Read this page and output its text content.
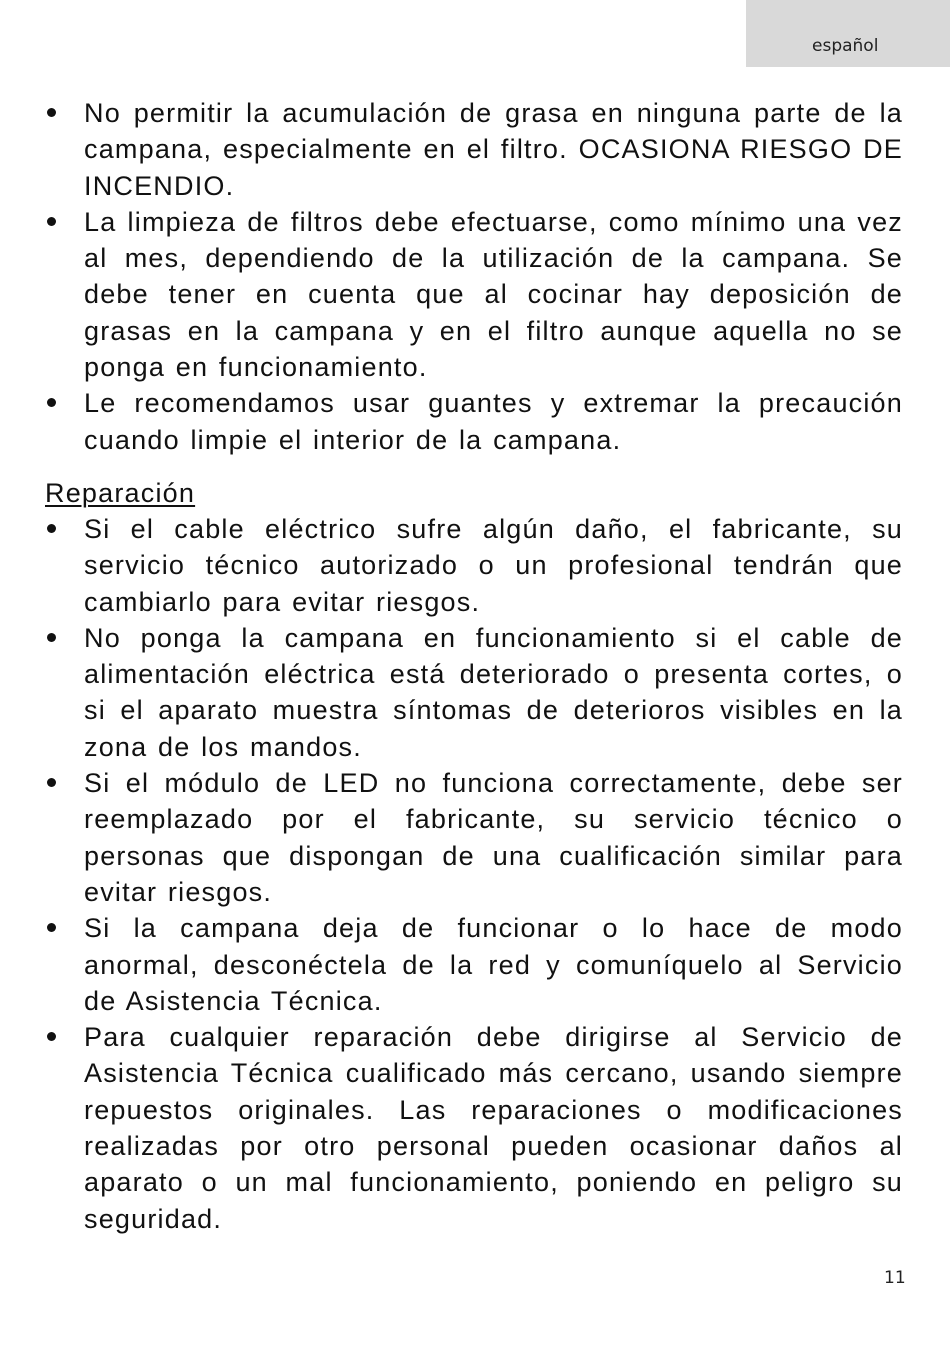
español
No permitir la acumulación de grasa en ninguna parte de la campana, especialmente en el filtro. OCASIONA RIESGO DE INCENDIO.
La limpieza de filtros debe efectuarse, como mínimo una vez al mes, dependiendo de la utilización de la campana. Se debe tener en cuenta que al cocinar hay deposición de grasas en la campana y en el filtro aunque aquella no se ponga en funcionamiento.
Le recomendamos usar guantes y extremar la precaución cuando limpie el interior de la campana.
Reparación
Si el cable eléctrico sufre algún daño, el fabricante, su servicio técnico autorizado o un profesional tendrán que cambiarlo para evitar riesgos.
No ponga la campana en funcionamiento si el cable de alimentación eléctrica está deteriorado o presenta cortes, o si el aparato muestra síntomas de deterioros visibles en la zona de los mandos.
Si el módulo de LED no funciona correctamente, debe ser reemplazado por el fabricante, su servicio técnico o personas que dispongan de una cualificación similar para evitar riesgos.
Si la campana deja de funcionar o lo hace de modo anormal, desconéctela de la red y comuníquelo al Servicio de Asistencia Técnica.
Para cualquier reparación debe dirigirse al Servicio de Asistencia Técnica cualificado más cercano, usando siempre repuestos originales. Las reparaciones o modificaciones realizadas por otro personal pueden ocasionar daños al aparato o un mal funcionamiento, poniendo en peligro su seguridad.
11
